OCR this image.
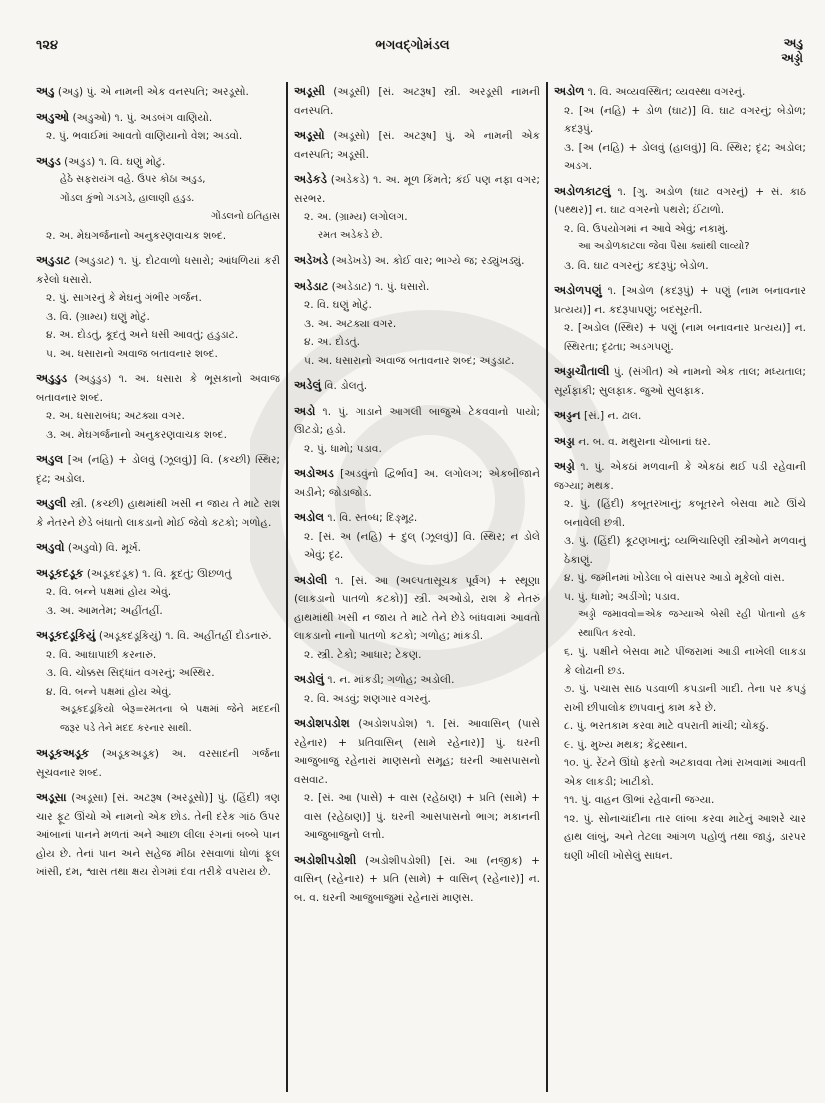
૧૨૪	ભગવદ્ગોમંડલ	અડુ
અડ્ડો
અડુ (અડુ) પું. એ નામની એક વનસ્પતિ; અરડૂસો.
અડુઓ (અડુઓ) ૧. પું. અડબંગ વાણિયો.
૨. પું. ભવાઈમાં આવતો વાણિયાનો વેશ; અડવો.
અડુડ (અડુડ) ૧. વિ. ઘણું મોટું.
હેઠે સફરાયંગ વહે. ઉપર કોઠા અડુડ,
ગોંડલ કુંભો ગડગડે, હાલાણી હડુડ.
ગોંડલનો ઇતિહાસ
૨. અ. મેઘગર્જનાનો અનુકરણવાચક શબ્દ.
અડુડાટ (અડુડાટ) ૧. પું. દોટવાળો ધસારો; આંધળિયાં કરી કરેલો ધસારો.
૨. પું. સાગરનું કે મેઘનું ગંભીર ગર્જન.
૩. વિ. (ગ્રામ્ય) ઘણું મોટું.
૪. અ. દોડતું, કૂદતું અને ધસી આવતું; હડુડાટ.
૫. અ. ધસારાનો અવાજ બતાવનાર શબ્દ.
અડુડુડ (અડુડુડ) ૧. અ. ધસારા કે ભૂસકાનો અવાજ બતાવનાર શબ્દ.
૨. અ. ધસારાબંધ; અટક્યા વગર.
૩. અ. મેઘગર્જનાનો અનુકરણવાચક શબ્દ.
અડુલ [અ (નહિ) + ડોલવું (ઝૂલવું)] વિ. (કચ્છી) સ્થિર; દૃઢ; અડોલ.
અડુલી સ્ત્રી. (કચ્છી) હાથમાંથી ખસી ન જાય તે માટે રાશ કે નેતરને છેડે બંધાતો લાકડાનો મોઈ જેવો કટકો; ગળોહ.
અડુવો (અડુવો) વિ. મૂર્ખ.
અડૂકદડૂક (અડૂકદડૂક) ૧. વિ. કૂદતું; ઊછળતું
૨. વિ. બન્ને પક્ષમાં હોય એવું.
૩. અ. આમતેમ; અહીંતહીં.
અડૂકદડૂકિયું (અડૂકદડૂકિયું) ૧. વિ. અહીંતહીં દોડનારું.
૨. વિ. આઘાપાછી કરનારું.
૩. વિ. ચોક્કસ સિદ્ધાંત વગરનું; અસ્થિર.
૪. વિ. બન્ને પક્ષમાં હોય એવું.
અડૂકદડૂકિયો બેરૂ=રમતના બે પક્ષમાં જેને મદદની જરૂર પડે તેને મદદ કરનાર સાથી.
અડૂકઅડૂક (અડૂકઅડૂક) અ. વરસાદની ગર્જના સૂચવનાર શબ્દ.
અડૂસા (અડૂસા) [સં. અટરૂષ (અરડૂસો)] પું. (હિંદી) ત્રણ ચાર ફૂટ ઊંચો એ નામનો એક છોડ. તેની દરેક ગાંઠ ઉપર આંબાનાં પાનને મળતાં અને આછા લીલા રંગનાં બબ્બે પાન હોય છે. તેનાં પાન અને સહેજ મીઠા રસવાળાં ધોળાં ફૂલ ખાંસી, દમ, શ્વાસ તથા ક્ષય રોગમાં દવા તરીકે વપરાય છે.
અડૂસી (અડૂસી) [સં. અટરૂષ] સ્ત્રી. અરડૂસી નામની વનસ્પતિ.
અડૂસો (અડૂસો) [સં. અટરૂષ] પું. એ નામની એક વનસ્પતિ; અડૂસી.
અડેકડે (અડેકડે) ૧. અ. મૂળ કિંમતે; કંઈ પણ નફા વગર; સરભર.
૨. અ. (ગ્રામ્ય) લગોલગ.
રમત અડેકડે છે.
અડેખડે (અડેખડે) અ. કોઈ વાર; ભાગ્યે જ; રડ્યુંખડ્યું.
અડેડાટ (અડેડાટ) ૧. પું. ધસારો.
૨. વિ. ઘણું મોટું.
૩. અ. અટક્યા વગર.
૪. અ. દોડતું.
૫. અ. ધસારાનો અવાજ બતાવનાર શબ્દ; અડુડાટ.
અડેલું વિ. ડોલતું.
અડો ૧. પું. ગાડાને આગલી બાજુએ ટેકવવાનો પાયો; ઊટડો; હડો.
૨. પું. ધામો; પડાવ.
અડોઅડ [અડવુંનો દ્વિર્ભાવ] અ. લગોલગ; એકબીજાને અડીને; જોડાજોડ.
અડોલ ૧. વિ. સ્તબ્ધ; દિઙ્મૂઢ.
૨. [સં. અ (નહિ) + દુલ્ (ઝૂલવું)] વિ. સ્થિર; ન ડોલે એવું; દૃઢ.
અડોલી ૧. [સં. આ (અલ્પતાસૂચક પૂર્વગ) + સ્થૂણા (લાકડાનો પાતળો કટકો)] સ્ત્રી. અઓડો, રાશ કે નેતરું હાથમાંથી ખસી ન જાય તે માટે તેને છેડે બાંધવામાં આવતો લાકડાનો નાનો પાતળો કટકો; ગળોહ; માંકડી.
૨. સ્ત્રી. ટેકો; આધાર; ટેકણ.
અડોલું ૧. ન. માંકડી; ગળોહ; અડોલી.
૨. વિ. અડવું; શણગાર વગરનું.
અડોશપડોશ (અડોશપડોશ) ૧. [સં. આવાસિન્ (પાસે રહેનાર) + પ્રતિવાસિન્ (સામે રહેનાર)] પું. ઘરની આજુબાજુ રહેનારાં માણસનો સમૂહ; ઘરની આસપાસનો વસવાટ.
૨. [સં. આ (પાસે) + વાસ (રહેઠાણ) + પ્રતિ (સામે) + વાસ (રહેઠાણ)] પું. ઘરની આસપાસનો ભાગ; મકાનની આજુબાજુનો લત્તો.
અડોશીપડોશી (અડોશીપડોશી) [સં. આ (નજીક) + વાસિન્ (રહેનાર) + પ્રતિ (સામે) + વાસિન્ (રહેનાર)] ન. બ. વ. ઘરની આજુબાજુમાં રહેનારાં માણસ.
અડોળ ૧. વિ. અવ્યવસ્થિત; વ્યવસ્થા વગરનું.
૨. [અ (નહિ) + ડોળ (ઘાટ)] વિ. ઘાટ વગરનું; બેડોળ; કદરૂપું.
૩. [અ (નહિ) + ડોલવું (હાલવું)] વિ. સ્થિર; દૃઢ; અડોલ; અડગ.
અડોળકાટલું ૧. [ગુ. અડોળ (ઘાટ વગરનું) + સં. કાઠ (પથ્થર)] ન. ઘાટ વગરનો પથરો; ઈંટાળો.
૨. વિ. ઉપયોગમાં ન આવે એવું; નકામું.
આ અડોળકાટલા જેવા પૈસા ક્યાંથી લાવ્યો?
૩. વિ. ઘાટ વગરનું; કદરૂપું; બેડોળ.
અડોળપણું ૧. [અડોળ (કદરૂપું) + પણું (નામ બનાવનાર પ્રત્યય)] ન. કદરૂપાપણું; બદસૂરતી.
૨. [અડોલ (સ્થિર) + પણું (નામ બનાવનાર પ્રત્યય)] ન. સ્થિરતા; દૃઢતા; અડગપણું.
અડ્ડાચૌતાલી પું. (સંગીત) એ નામનો એક તાલ; મધ્યતાલ; સૂર્યફાકી; સુલફાક. જુઓ સુલફાક.
અડ્ડન [સં.] ન. ઢાલ.
અડ્ડા ન. બ. વ. મથુરાના ચોબાનાં ઘર.
અડ્ડો ૧. પું. એકઠાં મળવાની કે એકઠાં થઈ પડી રહેવાની જગ્યા; મથક.
૨. પું. (હિંદી) કબૂતરખાનું; કબૂતરને બેસવા માટે ઊંચે બનાવેલી છત્રી.
૩. પું. (હિંદી) કૂટણખાનું; વ્યભિચારિણી સ્ત્રીઓને મળવાનું ઠેકાણું.
૪. પું. જમીનમાં ખોડેલા બે વાંસપર આડો મૂકેલો વાંસ.
૫. પું. ધામો; અડીંગો; પડાવ.
અડ્ડો જમાવવો=એક જગ્યાએ બેસી રહી પોતાનો હક સ્થાપિત કરવો.
૬. પું. પક્ષીને બેસવા માટે પીંજરામાં આડી નાખેલી લાકડા કે લોઢાની છડ.
૭. પું. પચાસ સાઠ પડવાળી કપડાની ગાદી. તેના પર કપડું રાખી છીપાલોક છાપવાનું કામ કરે છે.
૮. પું. ભરતકામ કરવા માટે વપરાતી માંચી; ચોકઠું.
૯. પું. મુખ્ય મથક; કેંદ્રસ્થાન.
૧૦. પું. રેંટને ઊંધો ફરતો અટકાવવા તેમાં રાખવામાં આવતી એક લાકડી; ખાટીકો.
૧૧. પું. વાહન ઊભાં રહેવાની જગ્યા.
૧૨. પું. સોનાચાંદીના તાર લાંબા કરવા માટેનું આશરે ચાર હાથ લાંબું, અને તેટલા આંગળ પહોળું તથા જાડું, ડારપર ઘણી ખીલી ખોસેલું સાધન.
